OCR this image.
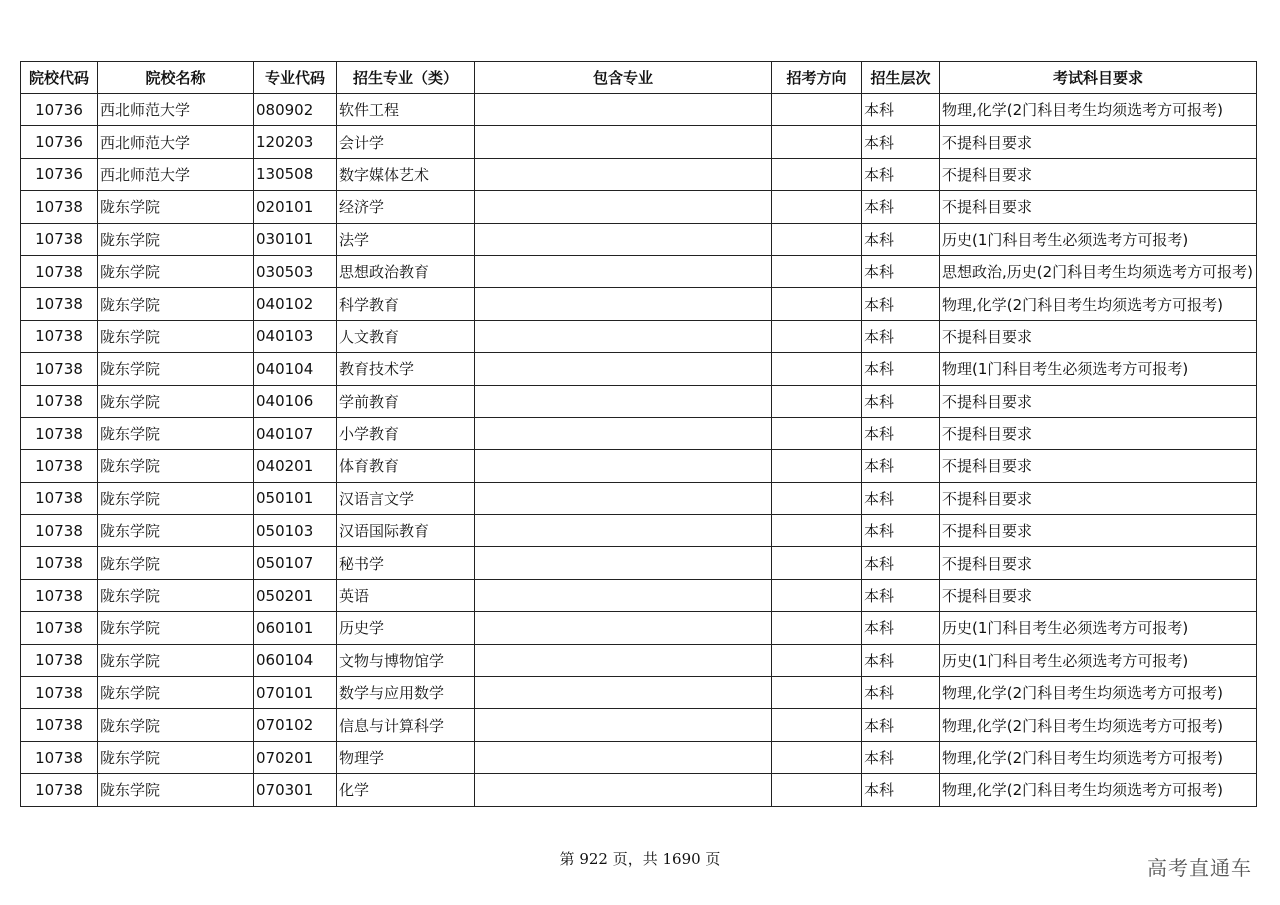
院校代码	院校名称	专业代码	招生专业（类）	包含专业	招考方向	招生层次	考试科目要求
10736	西北师范大学	080902	软件工程			本科	物理,化学(2门科目考生均须选考方可报考)
10736	西北师范大学	120203	会计学			本科	不提科目要求
10736	西北师范大学	130508	数字媒体艺术			本科	不提科目要求
10738	陇东学院	020101	经济学			本科	不提科目要求
10738	陇东学院	030101	法学			本科	历史(1门科目考生必须选考方可报考)
10738	陇东学院	030503	思想政治教育			本科	思想政治,历史(2门科目考生均须选考方可报考)
10738	陇东学院	040102	科学教育			本科	物理,化学(2门科目考生均须选考方可报考)
10738	陇东学院	040103	人文教育			本科	不提科目要求
10738	陇东学院	040104	教育技术学			本科	物理(1门科目考生必须选考方可报考)
10738	陇东学院	040106	学前教育			本科	不提科目要求
10738	陇东学院	040107	小学教育			本科	不提科目要求
10738	陇东学院	040201	体育教育			本科	不提科目要求
10738	陇东学院	050101	汉语言文学			本科	不提科目要求
10738	陇东学院	050103	汉语国际教育			本科	不提科目要求
10738	陇东学院	050107	秘书学			本科	不提科目要求
10738	陇东学院	050201	英语			本科	不提科目要求
10738	陇东学院	060101	历史学			本科	历史(1门科目考生必须选考方可报考)
10738	陇东学院	060104	文物与博物馆学			本科	历史(1门科目考生必须选考方可报考)
10738	陇东学院	070101	数学与应用数学			本科	物理,化学(2门科目考生均须选考方可报考)
10738	陇东学院	070102	信息与计算科学			本科	物理,化学(2门科目考生均须选考方可报考)
10738	陇东学院	070201	物理学			本科	物理,化学(2门科目考生均须选考方可报考)
10738	陇东学院	070301	化学			本科	物理,化学(2门科目考生均须选考方可报考)
第 922 页，共 1690 页	高考直通车
